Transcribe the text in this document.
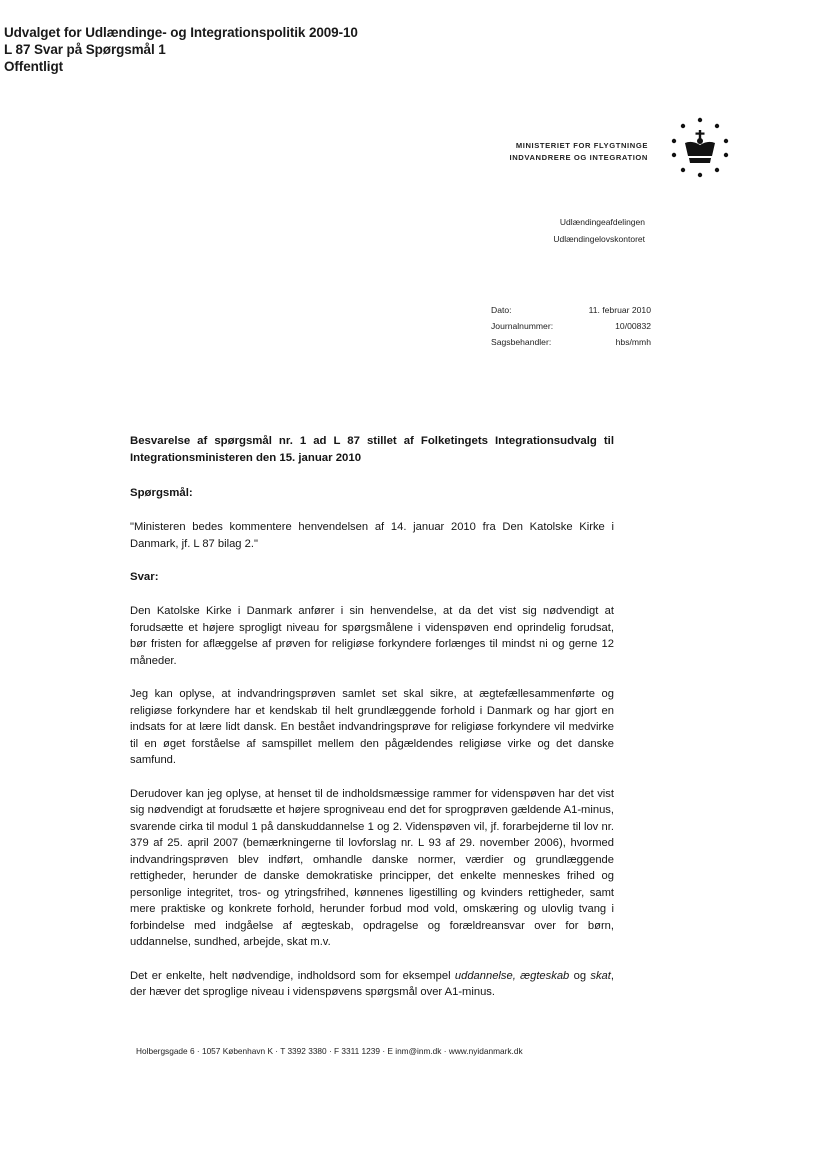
Udvalget for Udlændinge- og Integrationspolitik 2009-10
L 87 Svar på Spørgsmål 1
Offentligt
MINISTERIET FOR FLYGTNINGE
INDVANDRERE OG INTEGRATION
Udlændingeafdelingen
Udlændingelovskontoret
Dato:	11. februar 2010
Journalnummer:	10/00832
Sagsbehandler:	hbs/mmh

Besvarelse af spørgsmål nr. 1 ad L 87 stillet af Folketingets Integrationsudvalg til Integrationsministeren den 15. januar 2010

Spørgsmål:

"Ministeren bedes kommentere henvendelsen af 14. januar 2010 fra Den Katolske Kirke i Danmark, jf. L 87 bilag 2."

Svar:

Den Katolske Kirke i Danmark anfører i sin henvendelse, at da det vist sig nødvendigt at forudsætte et højere sprogligt niveau for spørgsmålene i videnspøven end oprindelig forudsat, bør fristen for aflæggelse af prøven for religiøse forkyndere forlænges til mindst ni og gerne 12 måneder.

Jeg kan oplyse, at indvandringsprøven samlet set skal sikre, at ægtefællesammenførte og religiøse forkyndere har et kendskab til helt grundlæggende forhold i Danmark og har gjort en indsats for at lære lidt dansk. En bestået indvandringsprøve for religiøse forkyndere vil medvirke til en øget forståelse af samspillet mellem den pågældendes religiøse virke og det danske samfund.

Derudover kan jeg oplyse, at henset til de indholdsmæssige rammer for videnspøven har det vist sig nødvendigt at forudsætte et højere sprogniveau end det for sprogprøven gældende A1-minus, svarende cirka til modul 1 på danskuddannelse 1 og 2. Videnspøven vil, jf. forarbejderne til lov nr. 379 af 25. april 2007 (bemærkningerne til lovforslag nr. L 93 af 29. november 2006), hvormed indvandringsprøven blev indført, omhandle danske normer, værdier og grundlæggende rettigheder, herunder de danske demokratiske principper, det enkelte menneskes frihed og personlige integritet, tros- og ytringsfrihed, kønnenes ligestilling og kvinders rettigheder, samt mere praktiske og konkrete forhold, herunder forbud mod vold, omskæring og ulovlig tvang i forbindelse med indgåelse af ægteskab, opdragelse og forældreansvar over for børn, uddannelse, sundhed, arbejde, skat m.v.

Det er enkelte, helt nødvendige, indholdsord som for eksempel uddannelse, ægteskab og skat, der hæver det sproglige niveau i videnspøvens spørgsmål over A1-minus.

Holbergsgade 6 · 1057 København K · T 3392 3380 · F 3311 1239 · E inm@inm.dk · www.nyidanmark.dk
